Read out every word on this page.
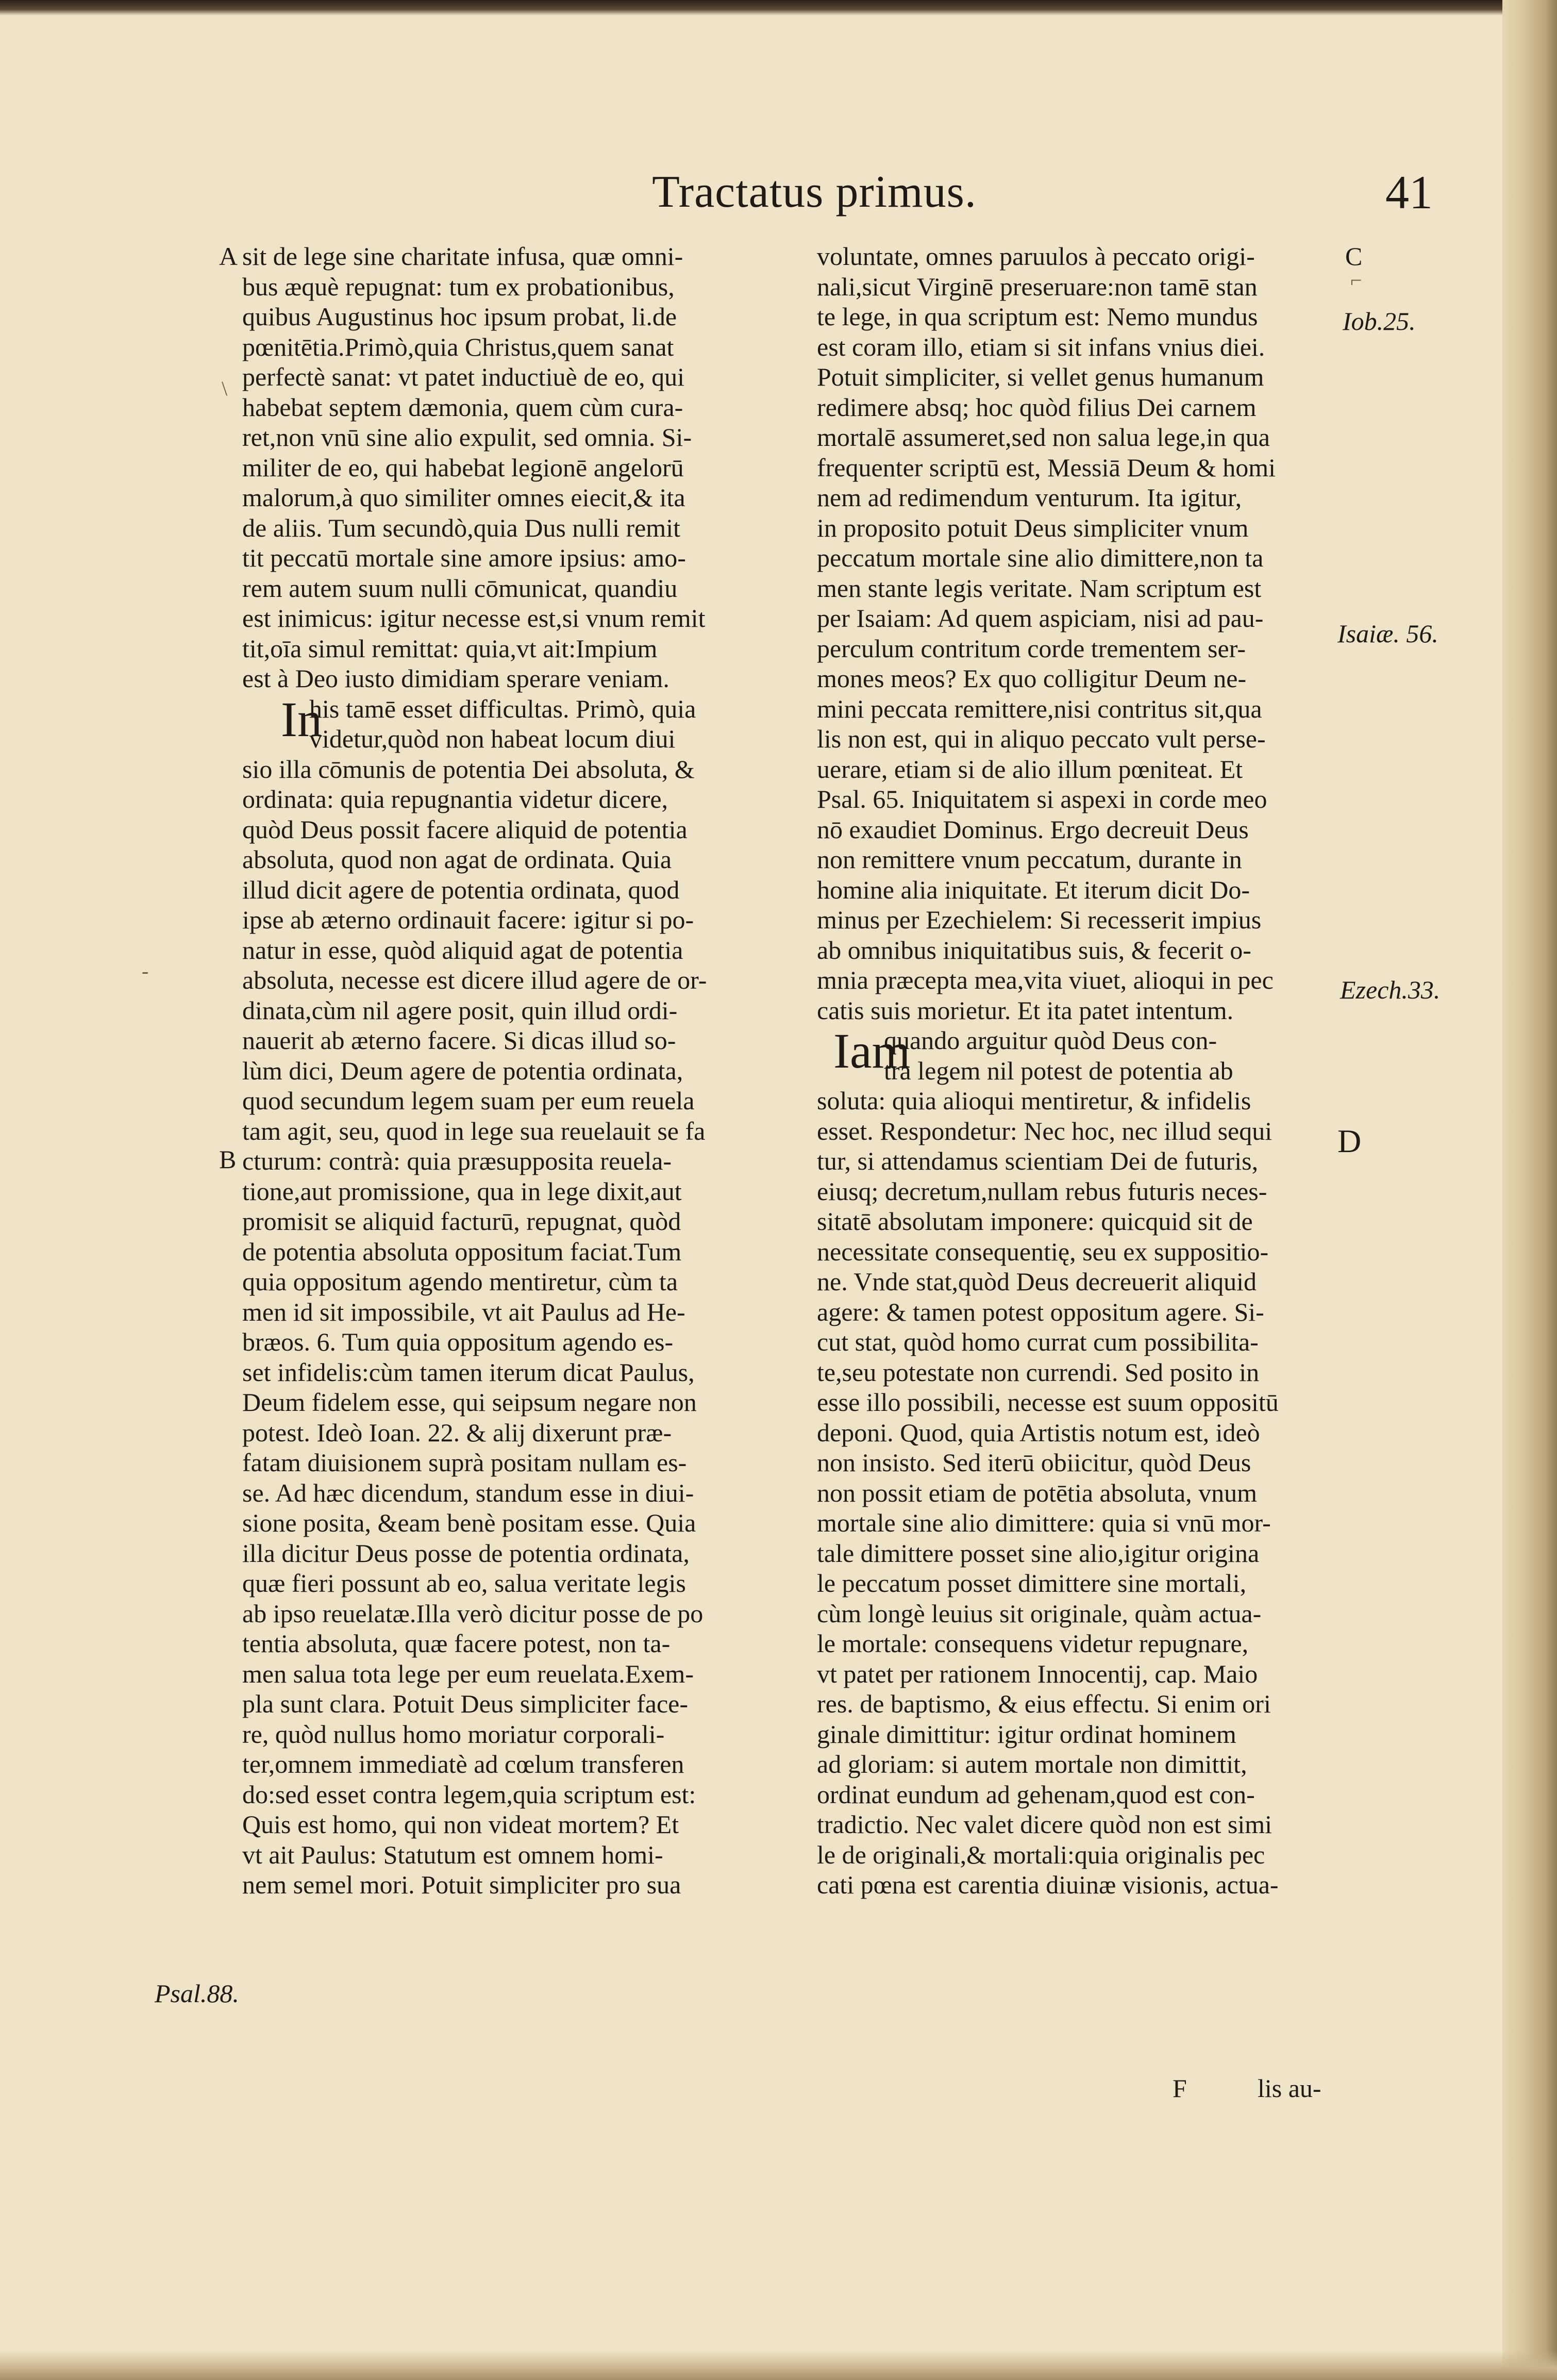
Tractatus primus.	41
A
B
C
D
Psal.88.
Iob.25.
Isaiæ. 56.
Ezech.33.
⌐
\
-
In
sit de lege sine charitate infusa, quæ omni-
bus æquè repugnat: tum ex probationibus,
quibus Augustinus hoc ipsum probat, li.de
pœnitētia.Primò,quia Christus,quem sanat
perfectè sanat: vt patet inductiuè de eo, qui
habebat septem dæmonia, quem cùm cura-
ret,non vnū sine alio expulit, sed omnia. Si-
militer de eo, qui habebat legionē angelorū
malorum,à quo similiter omnes eiecit,& ita
de aliis. Tum secundò,quia Dus nulli remit
tit peccatū mortale sine amore ipsius: amo-
rem autem suum nulli cōmunicat, quandiu
est inimicus: igitur necesse est,si vnum remit
tit,oīa simul remittat: quia,vt ait:Impium
est à Deo iusto dimidiam sperare veniam.
his tamē esset difficultas. Primò, quia
videtur,quòd non habeat locum diui
sio illa cōmunis de potentia Dei absoluta, &
ordinata: quia repugnantia videtur dicere,
quòd Deus possit facere aliquid de potentia
absoluta, quod non agat de ordinata. Quia
illud dicit agere de potentia ordinata, quod
ipse ab æterno ordinauit facere: igitur si po-
natur in esse, quòd aliquid agat de potentia
absoluta, necesse est dicere illud agere de or-
dinata,cùm nil agere posit, quin illud ordi-
nauerit ab æterno facere. Si dicas illud so-
lùm dici, Deum agere de potentia ordinata,
quod secundum legem suam per eum reuela
tam agit, seu, quod in lege sua reuelauit se fa
cturum: contrà: quia præsupposita reuela-
tione,aut promissione, qua in lege dixit,aut
promisit se aliquid facturū, repugnat, quòd
de potentia absoluta oppositum faciat.Tum
quia oppositum agendo mentiretur, cùm ta
men id sit impossibile, vt ait Paulus ad He-
bræos. 6. Tum quia oppositum agendo es-
set infidelis:cùm tamen iterum dicat Paulus,
Deum fidelem esse, qui seipsum negare non
potest. Ideò Ioan. 22. & alij dixerunt præ-
fatam diuisionem suprà positam nullam es-
se. Ad hæc dicendum, standum esse in diui-
sione posita, &eam benè positam esse. Quia
illa dicitur Deus posse de potentia ordinata,
quæ fieri possunt ab eo, salua veritate legis
ab ipso reuelatæ.Illa verò dicitur posse de po
tentia absoluta, quæ facere potest, non ta-
men salua tota lege per eum reuelata.Exem-
pla sunt clara. Potuit Deus simpliciter face-
re, quòd nullus homo moriatur corporali-
ter,omnem immediatè ad cœlum transferen
do:sed esset contra legem,quia scriptum est:
Quis est homo, qui non videat mortem? Et
vt ait Paulus: Statutum est omnem homi-
nem semel mori. Potuit simpliciter pro sua
Iam
voluntate, omnes paruulos à peccato origi-
nali,sicut Virginē preseruare:non tamē stan
te lege, in qua scriptum est: Nemo mundus
est coram illo, etiam si sit infans vnius diei.
Potuit simpliciter, si vellet genus humanum
redimere absq; hoc quòd filius Dei carnem
mortalē assumeret,sed non salua lege,in qua
frequenter scriptū est, Messiā Deum & homi
nem ad redimendum venturum. Ita igitur,
in proposito potuit Deus simpliciter vnum
peccatum mortale sine alio dimittere,non ta
men stante legis veritate. Nam scriptum est
per Isaiam: Ad quem aspiciam, nisi ad pau-
perculum contritum corde trementem ser-
mones meos? Ex quo colligitur Deum ne-
mini peccata remittere,nisi contritus sit,qua
lis non est, qui in aliquo peccato vult perse-
uerare, etiam si de alio illum pœniteat. Et
Psal. 65. Iniquitatem si aspexi in corde meo
nō exaudiet Dominus. Ergo decreuit Deus
non remittere vnum peccatum, durante in
homine alia iniquitate. Et iterum dicit Do-
minus per Ezechielem: Si recesserit impius
ab omnibus iniquitatibus suis, & fecerit o-
mnia præcepta mea,vita viuet, alioqui in pec
catis suis morietur. Et ita patet intentum.
quando arguitur quòd Deus con-
tra legem nil potest de potentia ab
soluta: quia alioqui mentiretur, & infidelis
esset. Respondetur: Nec hoc, nec illud sequi
tur, si attendamus scientiam Dei de futuris,
eiusq; decretum,nullam rebus futuris neces-
sitatē absolutam imponere: quicquid sit de
necessitate consequentię, seu ex suppositio-
ne. Vnde stat,quòd Deus decreuerit aliquid
agere: & tamen potest oppositum agere. Si-
cut stat, quòd homo currat cum possibilita-
te,seu potestate non currendi. Sed posito in
esse illo possibili, necesse est suum oppositū
deponi. Quod, quia Artistis notum est, ideò
non insisto. Sed iterū obiicitur, quòd Deus
non possit etiam de potētia absoluta, vnum
mortale sine alio dimittere: quia si vnū mor-
tale dimittere posset sine alio,igitur origina
le peccatum posset dimittere sine mortali,
cùm longè leuius sit originale, quàm actua-
le mortale: consequens videtur repugnare,
vt patet per rationem Innocentij, cap. Maio
res. de baptismo, & eius effectu. Si enim ori
ginale dimittitur: igitur ordinat hominem
ad gloriam: si autem mortale non dimittit,
ordinat eundum ad gehenam,quod est con-
tradictio. Nec valet dicere quòd non est simi
le de originali,& mortali:quia originalis pec
cati pœna est carentia diuinæ visionis, actua-
F	lis au-
